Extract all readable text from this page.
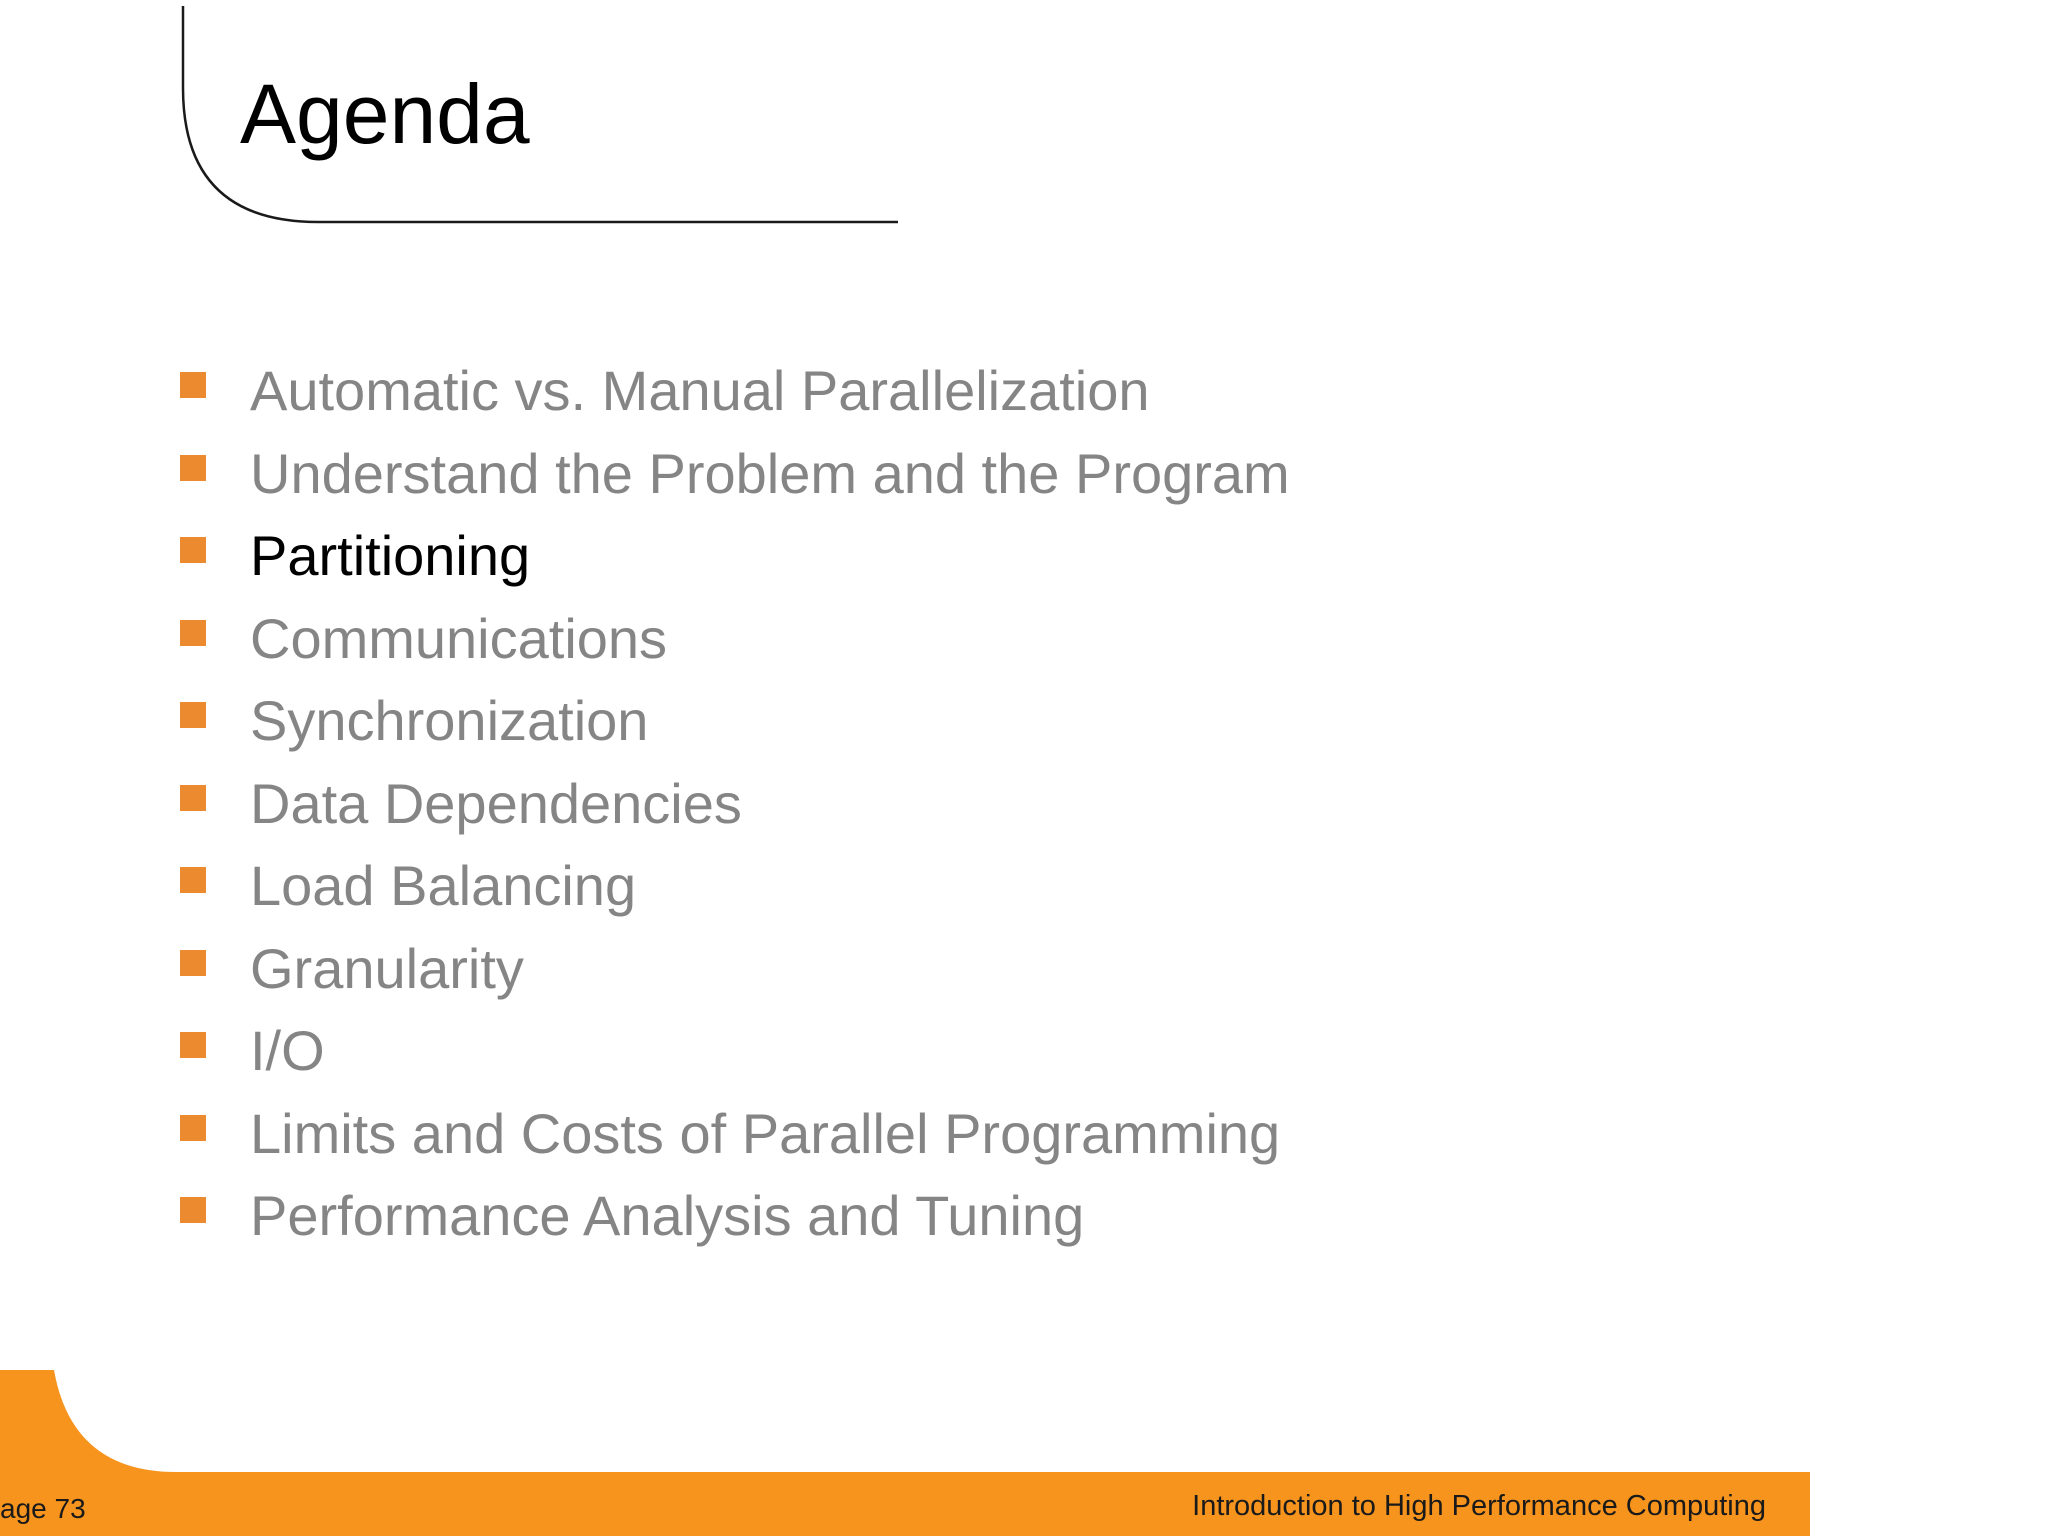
Agenda
Automatic vs. Manual Parallelization
Understand the Problem and the Program
Partitioning
Communications
Synchronization
Data Dependencies
Load Balancing
Granularity
I/O
Limits and Costs of Parallel Programming
Performance Analysis and Tuning
age 73	Introduction to High Performance Computing
